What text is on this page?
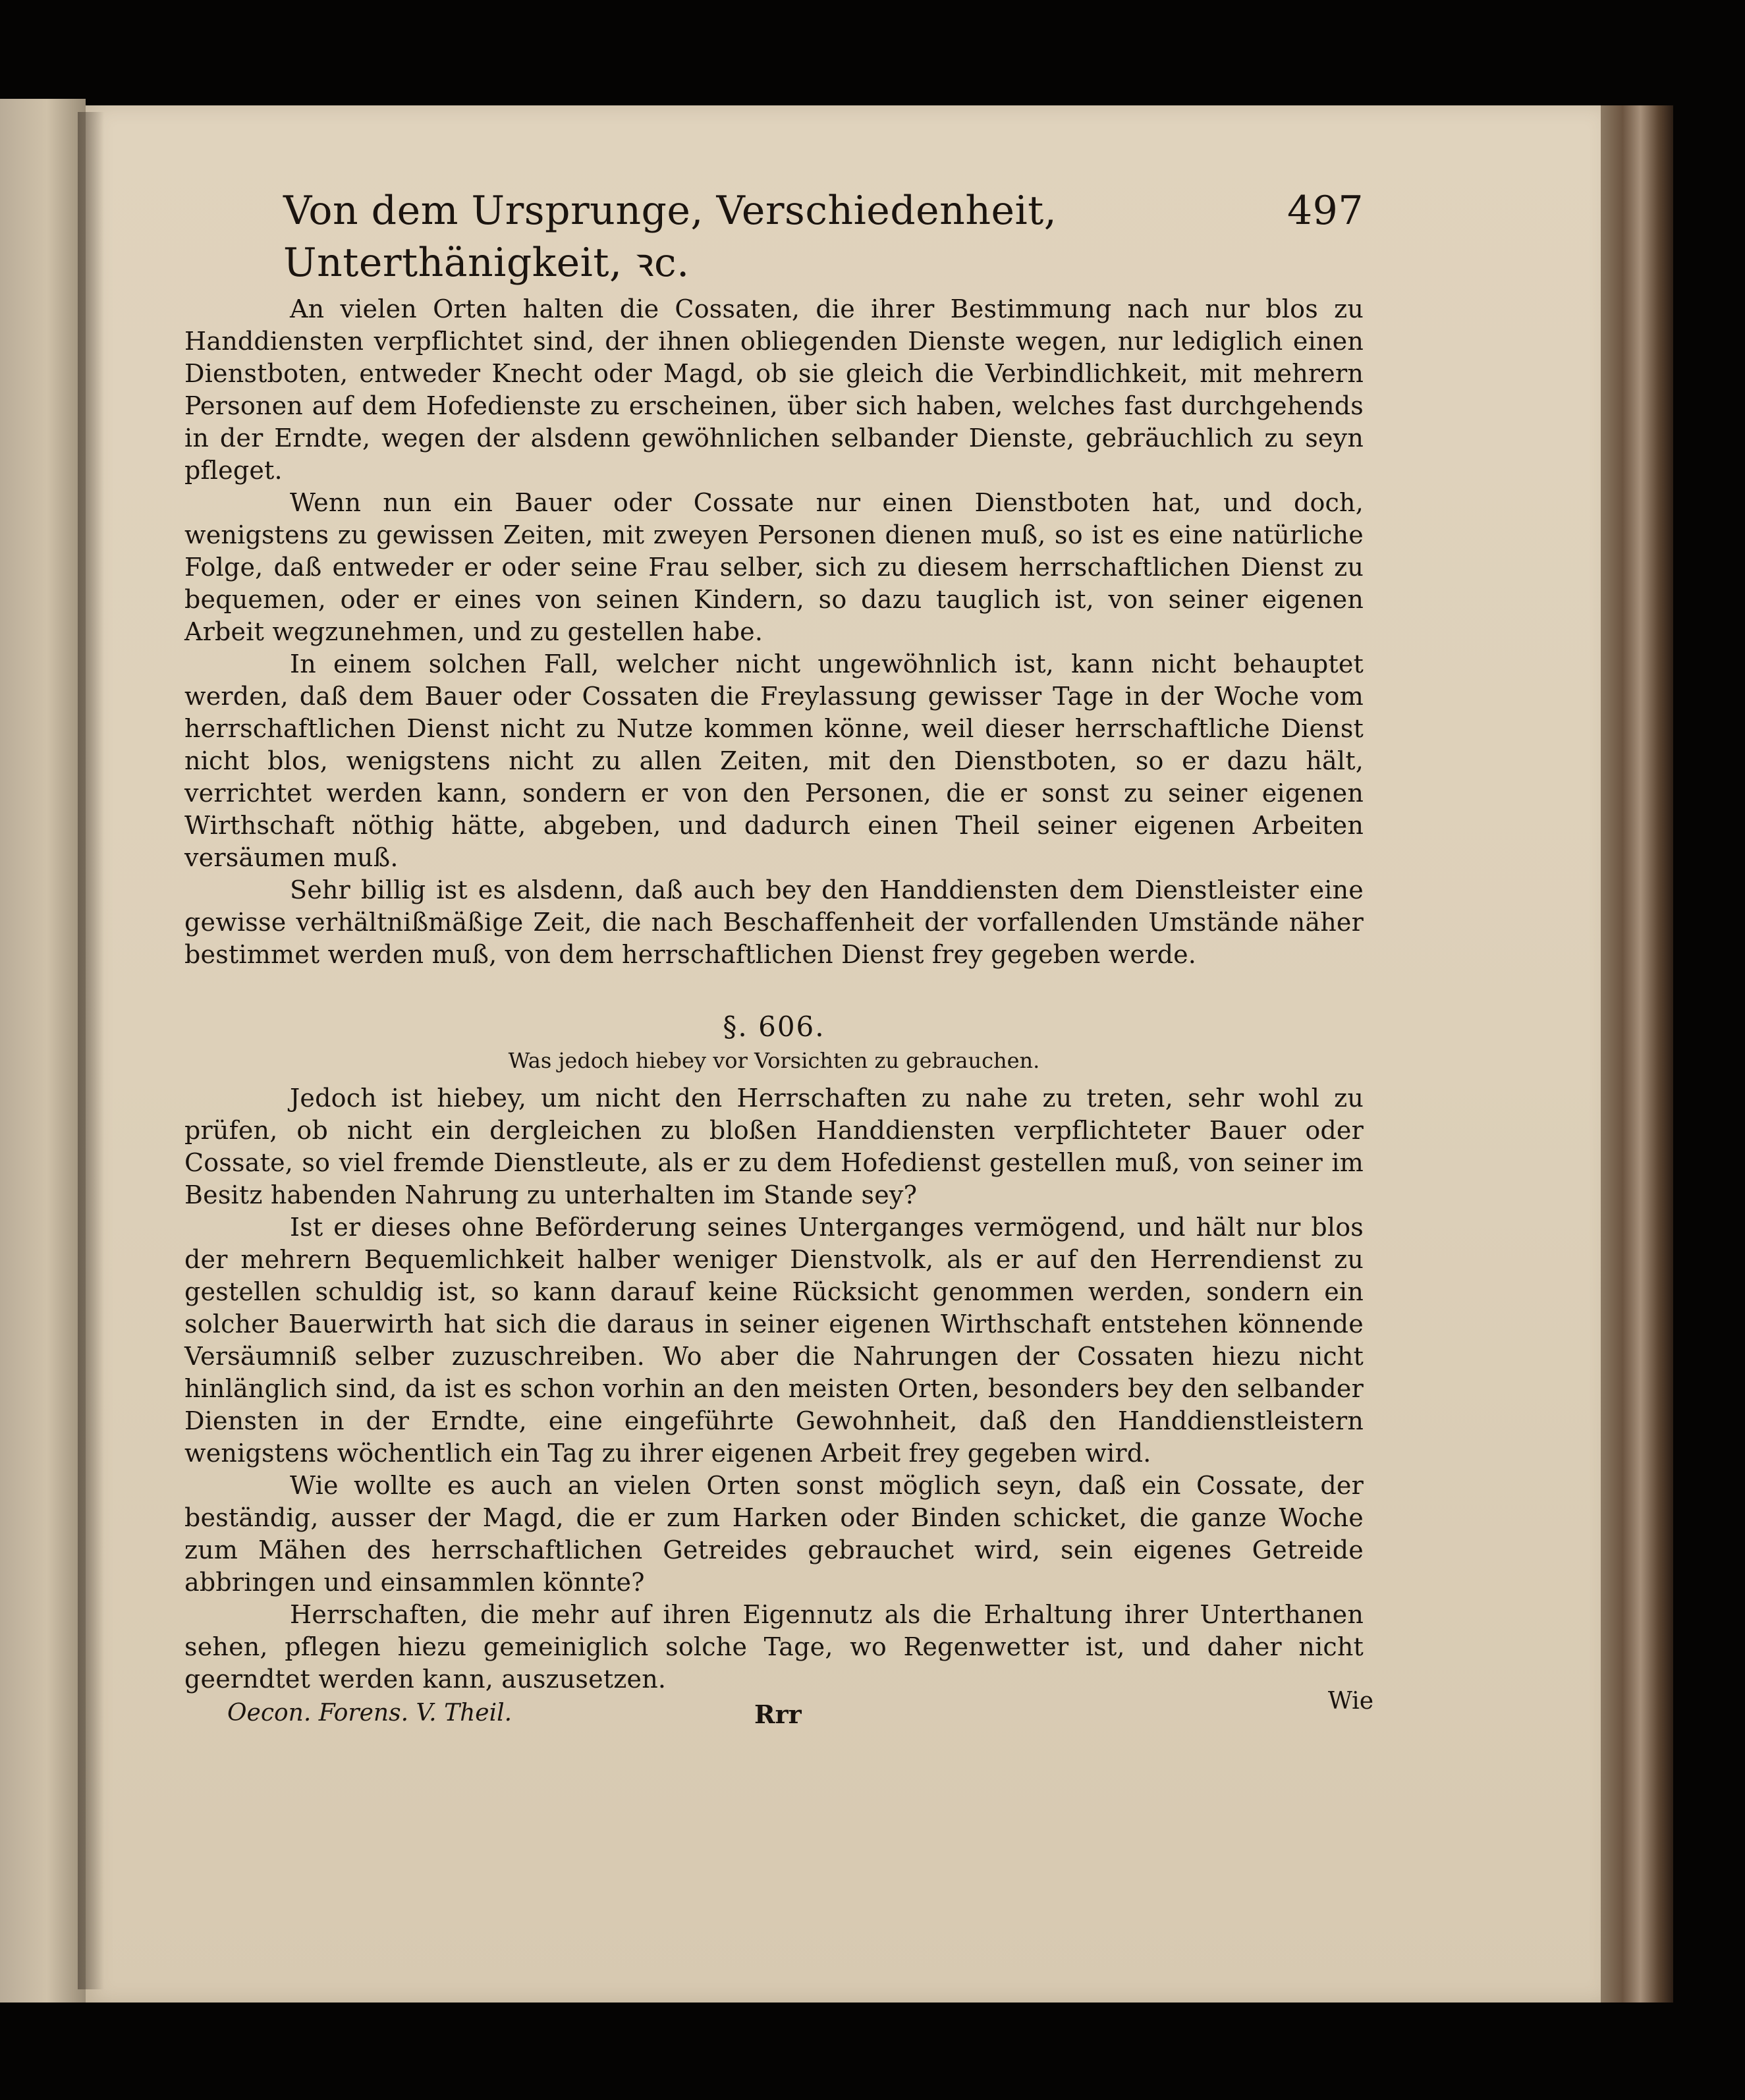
Von dem Ursprunge, Verschiedenheit, Unterthänigkeit, ꝛc.
497

An vielen Orten halten die Cossaten, die ihrer Bestimmung nach nur blos zu Handdiensten verpflichtet sind, der ihnen obliegenden Dienste wegen, nur lediglich einen Dienstboten, entweder Knecht oder Magd, ob sie gleich die Verbindlichkeit, mit mehrern Personen auf dem Hofedienste zu erscheinen, über sich haben, welches fast durchgehends in der Erndte, wegen der alsdenn gewöhnlichen selbander Dienste, gebräuchlich zu seyn pfleget.

Wenn nun ein Bauer oder Cossate nur einen Dienstboten hat, und doch, wenigstens zu gewissen Zeiten, mit zweyen Personen dienen muß, so ist es eine natürliche Folge, daß entweder er oder seine Frau selber, sich zu diesem herrschaftlichen Dienst zu bequemen, oder er eines von seinen Kindern, so dazu tauglich ist, von seiner eigenen Arbeit wegzunehmen, und zu gestellen habe.

In einem solchen Fall, welcher nicht ungewöhnlich ist, kann nicht behauptet werden, daß dem Bauer oder Cossaten die Freylassung gewisser Tage in der Woche vom herrschaftlichen Dienst nicht zu Nutze kommen könne, weil dieser herrschaftliche Dienst nicht blos, wenigstens nicht zu allen Zeiten, mit den Dienstboten, so er dazu hält, verrichtet werden kann, sondern er von den Personen, die er sonst zu seiner eigenen Wirthschaft nöthig hätte, abgeben, und dadurch einen Theil seiner eigenen Arbeiten versäumen muß.

Sehr billig ist es alsdenn, daß auch bey den Handdiensten dem Dienstleister eine gewisse verhältnißmäßige Zeit, die nach Beschaffenheit der vorfallenden Umstände näher bestimmet werden muß, von dem herrschaftlichen Dienst frey gegeben werde.

§. 606.
Was jedoch hiebey vor Vorsichten zu gebrauchen.

Jedoch ist hiebey, um nicht den Herrschaften zu nahe zu treten, sehr wohl zu prüfen, ob nicht ein dergleichen zu bloßen Handdiensten verpflichteter Bauer oder Cossate, so viel fremde Dienstleute, als er zu dem Hofedienst gestellen muß, von seiner im Besitz habenden Nahrung zu unterhalten im Stande sey?

Ist er dieses ohne Beförderung seines Unterganges vermögend, und hält nur blos der mehrern Bequemlichkeit halber weniger Dienstvolk, als er auf den Herrendienst zu gestellen schuldig ist, so kann darauf keine Rücksicht genommen werden, sondern ein solcher Bauerwirth hat sich die daraus in seiner eigenen Wirthschaft entstehen könnende Versäumniß selber zuzuschreiben. Wo aber die Nahrungen der Cossaten hiezu nicht hinlänglich sind, da ist es schon vorhin an den meisten Orten, besonders bey den selbander Diensten in der Erndte, eine eingeführte Gewohnheit, daß den Handdienstleistern wenigstens wöchentlich ein Tag zu ihrer eigenen Arbeit frey gegeben wird.

Wie wollte es auch an vielen Orten sonst möglich seyn, daß ein Cossate, der beständig, ausser der Magd, die er zum Harken oder Binden schicket, die ganze Woche zum Mähen des herrschaftlichen Getreides gebrauchet wird, sein eigenes Getreide abbringen und einsammlen könnte?

Herrschaften, die mehr auf ihren Eigennutz als die Erhaltung ihrer Unterthanen sehen, pflegen hiezu gemeiniglich solche Tage, wo Regenwetter ist, und daher nicht geerndtet werden kann, auszusetzen.

Oecon. Forens. V. Theil.	Rrr	Wie
